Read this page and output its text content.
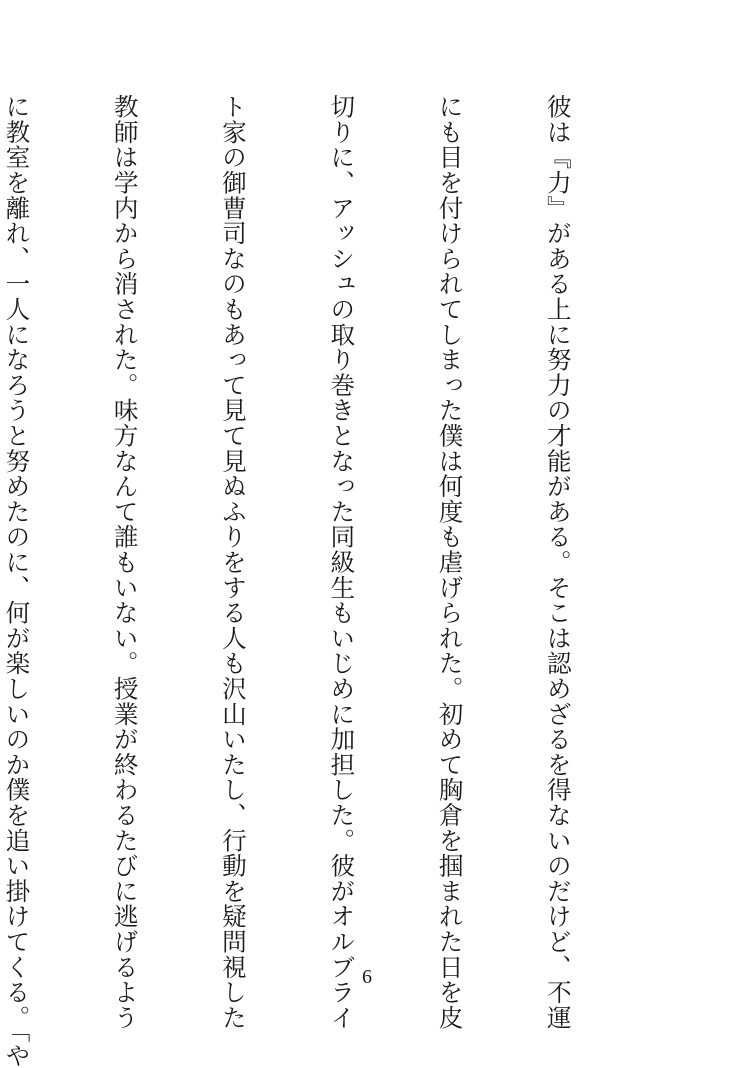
彼は『力』がある上に努力の才能がある。そこは認めざるを得ないのだけど、不運

にも目を付けられてしまった僕は何度も虐げられた。初めて胸倉を掴まれた日を皮

切りに、アッシュの取り巻きとなった同級生もいじめに加担した。彼がオルブライ

ト家の御曹司なのもあって見て見ぬふりをする人も沢山いたし、行動を疑問視した

教師は学内から消された。味方なんて誰もいない。授業が終わるたびに逃げるよう

に教室を離れ、一人になろうと努めたのに、何が楽しいのか僕を追い掛けてくる。「や

	6
